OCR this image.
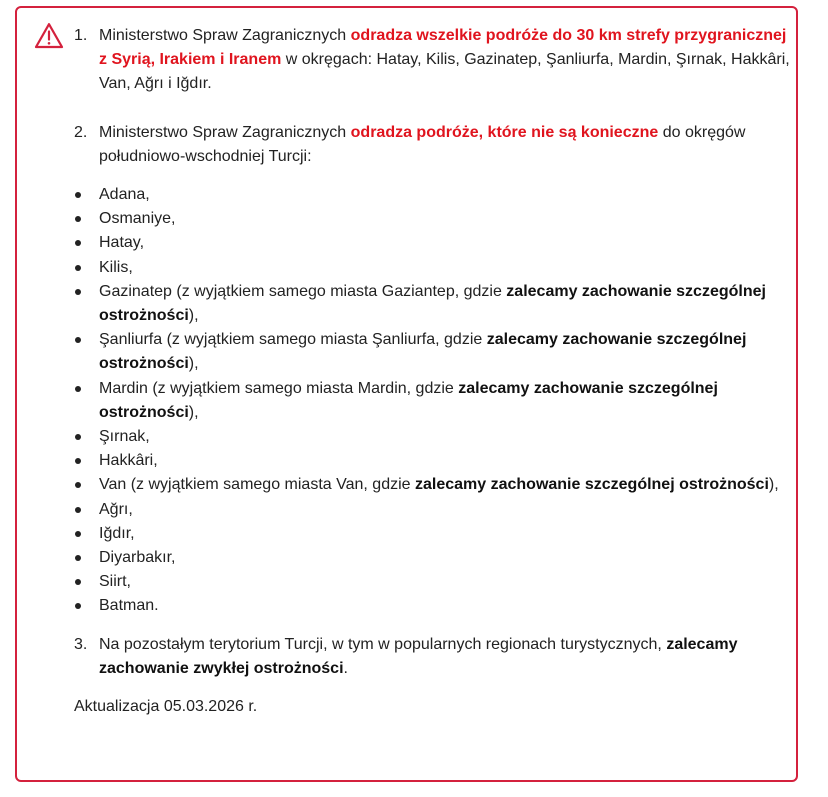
1. Ministerstwo Spraw Zagranicznych odradza wszelkie podróże do 30 km strefy przygranicznej z Syrią, Irakiem i Iranem w okręgach: Hatay, Kilis, Gazinatep, Şanliurfa, Mardin, Şırnak, Hakkâri, Van, Ağrı i Iğdır.
2. Ministerstwo Spraw Zagranicznych odradza podróże, które nie są konieczne do okręgów południowo-wschodniej Turcji:
Adana,
Osmaniye,
Hatay,
Kilis,
Gazinatep (z wyjątkiem samego miasta Gaziantep, gdzie zalecamy zachowanie szczególnej ostrożności),
Şanliurfa (z wyjątkiem samego miasta Şanliurfa, gdzie zalecamy zachowanie szczególnej ostrożności),
Mardin (z wyjątkiem samego miasta Mardin, gdzie zalecamy zachowanie szczególnej ostrożności),
Şırnak,
Hakkâri,
Van (z wyjątkiem samego miasta Van, gdzie zalecamy zachowanie szczególnej ostrożności),
Ağrı,
Iğdır,
Diyarbakır,
Siirt,
Batman.
3. Na pozostałym terytorium Turcji, w tym w popularnych regionach turystycznych, zalecamy zachowanie zwykłej ostrożności.
Aktualizacja 05.03.2026 r.
